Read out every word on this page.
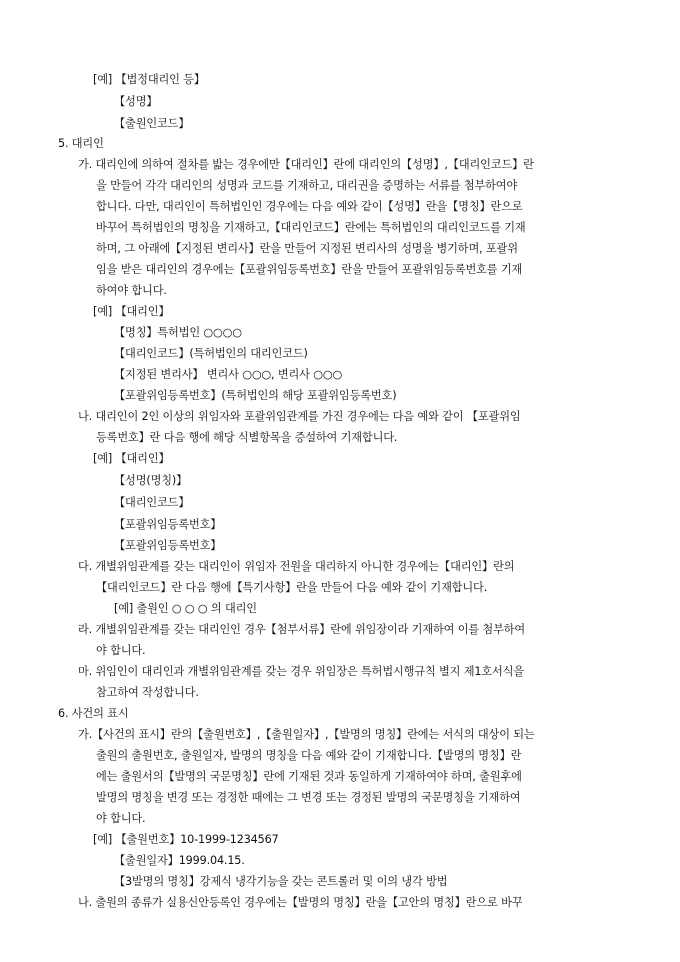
[예] 【법정대리인 등】
【성명】
【출원인코드】
5. 대리인
가. 대리인에 의하여 절차를 밟는 경우에만【대리인】란에 대리인의【성명】,【대리인코드】란
을 만들어 각각 대리인의 성명과 코드를 기재하고, 대리권을 증명하는 서류를 첨부하여야
합니다. 다만, 대리인이 특허법인인 경우에는 다음 예와 같이【성명】란을【명칭】란으로
바꾸어 특허법인의 명칭을 기재하고,【대리인코드】란에는 특허법인의 대리인코드를 기재
하며, 그 아래에【지정된 변리사】란을 만들어 지정된 변리사의 성명을 병기하며, 포괄위
임을 받은 대리인의 경우에는【포괄위임등록번호】란을 만들어 포괄위임등록번호를 기재
하여야 합니다.
[예] 【대리인】
【명칭】특허법인 ○○○○
【대리인코드】(특허법인의 대리인코드)
【지정된 변리사】 변리사 ○○○, 변리사 ○○○
【포괄위임등록번호】(특허법인의 해당 포괄위임등록번호)
나. 대리인이 2인 이상의 위임자와 포괄위임관계를 가진 경우에는 다음 예와 같이 【포괄위임
등록번호】란 다음 행에 해당 식별항목을 증설하여 기재합니다.
[예] 【대리인】
【성명(명칭)】
【대리인코드】
【포괄위임등록번호】
【포괄위임등록번호】
다. 개별위임관계를 갖는 대리인이 위임자 전원을 대리하지 아니한 경우에는【대리인】란의
【대리인코드】란 다음 행에【특기사항】란을 만들어 다음 예와 같이 기재합니다.
[예] 출원인 ○ ○ ○ 의 대리인
라. 개별위임관계를 갖는 대리인인 경우【첨부서류】란에 위임장이라 기재하여 이를 첨부하여
야 합니다.
마. 위임인이 대리인과 개별위임관계를 갖는 경우 위임장은 특허법시행규칙 별지 제1호서식을
참고하여 작성합니다.
6. 사건의 표시
가.【사건의 표시】란의【출원번호】,【출원일자】,【발명의 명칭】란에는 서식의 대상이 되는
출원의 출원번호, 출원일자, 발명의 명칭을 다음 예와 같이 기재합니다.【발명의 명칭】란
에는 출원서의【발명의 국문명칭】란에 기재된 것과 동일하게 기재하여야 하며, 출원후에
발명의 명칭을 변경 또는 경정한 때에는 그 변경 또는 경정된 발명의 국문명칭을 기재하여
야 합니다.
[예] 【출원번호】10-1999-1234567
【출원일자】1999.04.15.
【3발명의 명칭】강제식 냉각기능을 갖는 콘트롤러 및 이의 냉각 방법
나. 출원의 종류가 실용신안등록인 경우에는【발명의 명칭】란을【고안의 명칭】란으로 바꾸
